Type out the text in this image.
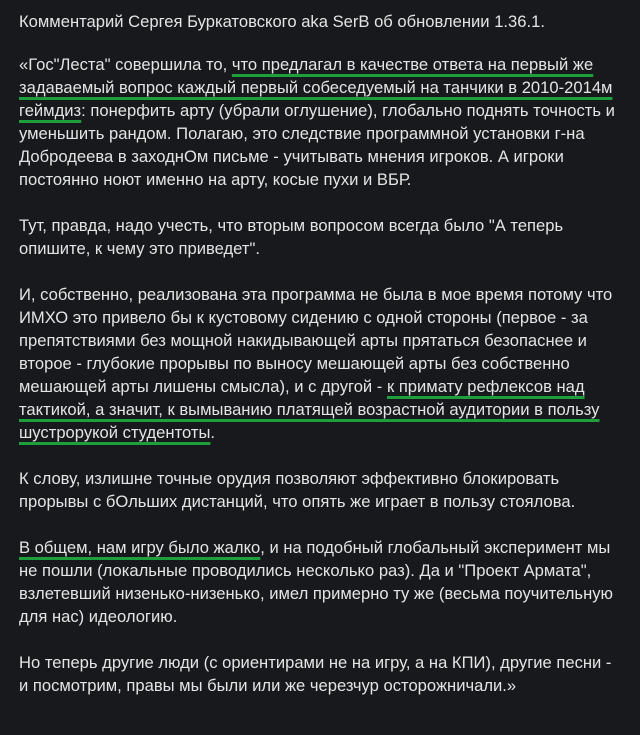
Комментарий Сергея Буркатовского aka SerB об обновлении 1.36.1.

«Гос"Леста" совершила то, что предлагал в качестве ответа на первый же задаваемый вопрос каждый первый собеседуемый на танчики в 2010-2014м геймдиз: понерфить арту (убрали оглушение), глобально поднять точность и уменьшить рандом. Полагаю, это следствие программной установки г-на Добродеева в заходнОм письме - учитывать мнения игроков. А игроки постоянно ноют именно на арту, косые пухи и ВБР.

Тут, правда, надо учесть, что вторым вопросом всегда было "А теперь опишите, к чему это приведет".

И, собственно, реализована эта программа не была в мое время потому что ИМХО это привело бы к кустовому сидению с одной стороны (первое - за препятствиями без мощной накидывающей арты прятаться безопаснее и второе - глубокие прорывы по выносу мешающей арты без собственно мешающей арты лишены смысла), и с другой - к примату рефлексов над тактикой, а значит, к вымыванию платящей возрастной аудитории в пользу шустрорукой студентоты.

К слову, излишне точные орудия позволяют эффективно блокировать прорывы с бОльших дистанций, что опять же играет в пользу стоялова.

В общем, нам игру было жалко, и на подобный глобальный эксперимент мы не пошли (локальные проводились несколько раз). Да и "Проект Армата", взлетевший низенько-низенько, имел примерно ту же (весьма поучительную для нас) идеологию.

Но теперь другие люди (с ориентирами не на игру, а на КПИ), другие песни - и посмотрим, правы мы были или же черезчур осторожничали.»
